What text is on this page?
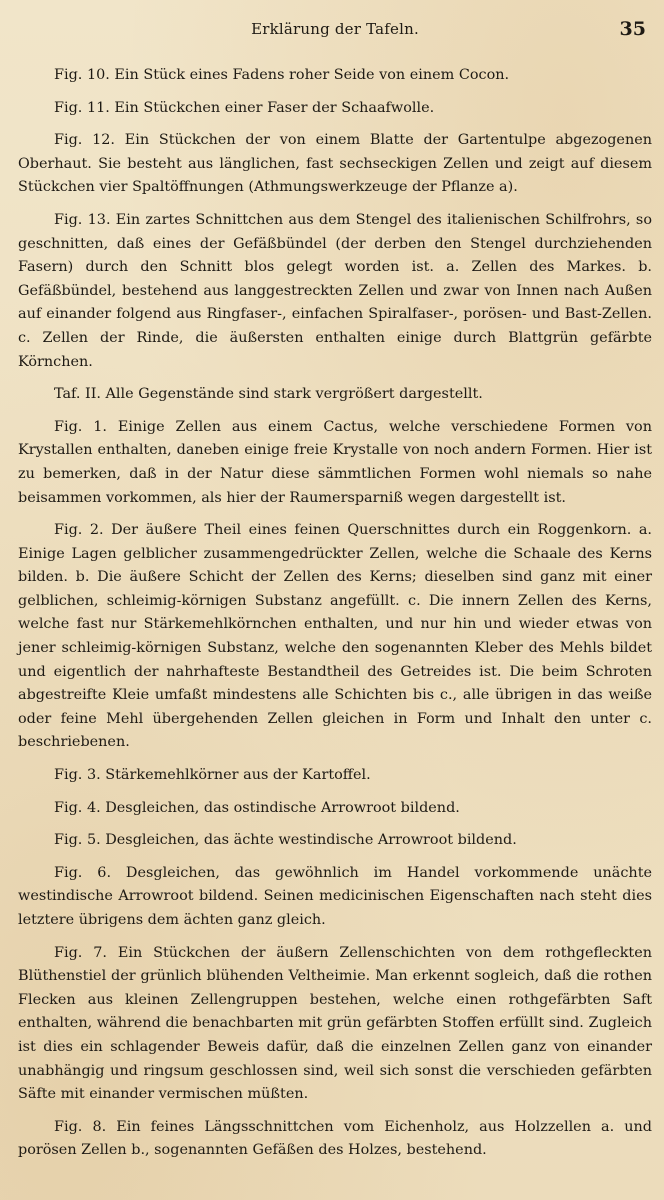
Erklärung der Tafeln.	35

Fig. 10. Ein Stück eines Fadens roher Seide von einem Cocon.

Fig. 11. Ein Stückchen einer Faser der Schaafwolle.

Fig. 12. Ein Stückchen der von einem Blatte der Gartentulpe abgezogenen Oberhaut. Sie besteht aus länglichen, fast sechseckigen Zellen und zeigt auf diesem Stückchen vier Spaltöffnungen (Athmungswerkzeuge der Pflanze a).

Fig. 13. Ein zartes Schnittchen aus dem Stengel des italienischen Schilfrohrs, so geschnitten, daß eines der Gefäßbündel (der derben den Stengel durchziehenden Fasern) durch den Schnitt blos gelegt worden ist. a. Zellen des Markes. b. Gefäßbündel, bestehend aus langgestreckten Zellen und zwar von Innen nach Außen auf einander folgend aus Ringfaser-, einfachen Spiralfaser-, porösen- und Bast-Zellen. c. Zellen der Rinde, die äußersten enthalten einige durch Blattgrün gefärbte Körnchen.

Taf. II. Alle Gegenstände sind stark vergrößert dargestellt.

Fig. 1. Einige Zellen aus einem Cactus, welche verschiedene Formen von Krystallen enthalten, daneben einige freie Krystalle von noch andern Formen. Hier ist zu bemerken, daß in der Natur diese sämmtlichen Formen wohl niemals so nahe beisammen vorkommen, als hier der Raumersparniß wegen dargestellt ist.

Fig. 2. Der äußere Theil eines feinen Querschnittes durch ein Roggenkorn. a. Einige Lagen gelblicher zusammengedrückter Zellen, welche die Schaale des Kerns bilden. b. Die äußere Schicht der Zellen des Kerns; dieselben sind ganz mit einer gelblichen, schleimig-körnigen Substanz angefüllt. c. Die innern Zellen des Kerns, welche fast nur Stärkemehlkörnchen enthalten, und nur hin und wieder etwas von jener schleimig-körnigen Substanz, welche den sogenannten Kleber des Mehls bildet und eigentlich der nahrhafteste Bestandtheil des Getreides ist. Die beim Schroten abgestreifte Kleie umfaßt mindestens alle Schichten bis c., alle übrigen in das weiße oder feine Mehl übergehenden Zellen gleichen in Form und Inhalt den unter c. beschriebenen.

Fig. 3. Stärkemehlkörner aus der Kartoffel.

Fig. 4. Desgleichen, das ostindische Arrowroot bildend.

Fig. 5. Desgleichen, das ächte westindische Arrowroot bildend.

Fig. 6. Desgleichen, das gewöhnlich im Handel vorkommende unächte westindische Arrowroot bildend. Seinen medicinischen Eigenschaften nach steht dies letztere übrigens dem ächten ganz gleich.

Fig. 7. Ein Stückchen der äußern Zellenschichten von dem rothgefleckten Blüthenstiel der grünlich blühenden Veltheimie. Man erkennt sogleich, daß die rothen Flecken aus kleinen Zellengruppen bestehen, welche einen rothgefärbten Saft enthalten, während die benachbarten mit grün gefärbten Stoffen erfüllt sind. Zugleich ist dies ein schlagender Beweis dafür, daß die einzelnen Zellen ganz von einander unabhängig und ringsum geschlossen sind, weil sich sonst die verschieden gefärbten Säfte mit einander vermischen müßten.

Fig. 8. Ein feines Längsschnittchen vom Eichenholz, aus Holzzellen a. und porösen Zellen b., sogenannten Gefäßen des Holzes, bestehend.
